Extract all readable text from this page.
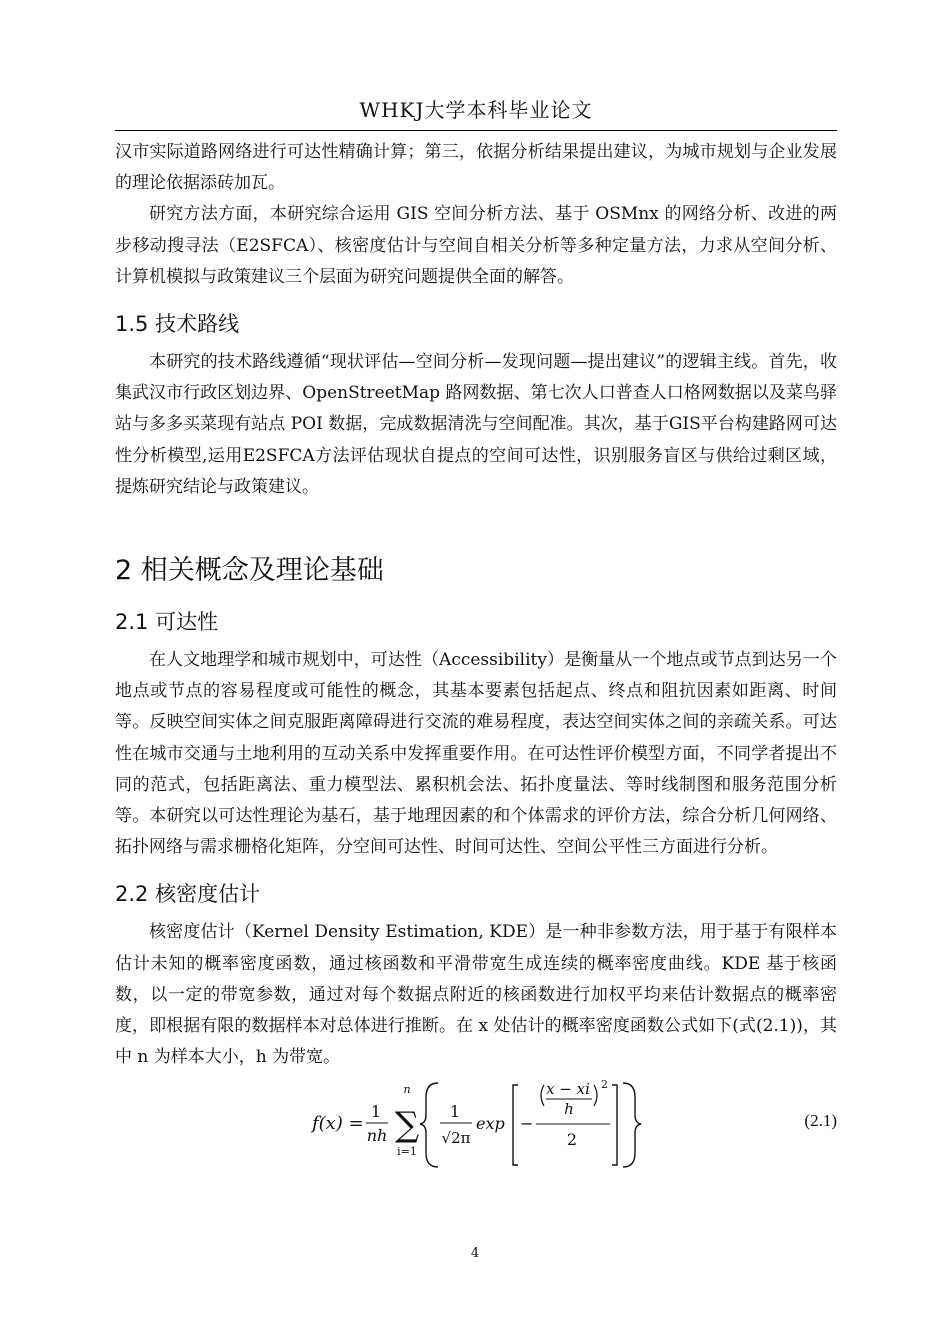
WHKJ大学本科毕业论文

汉市实际道路网络进行可达性精确计算；第三，依据分析结果提出建议，为城市规划与企业发展的理论依据添砖加瓦。

研究方法方面，本研究综合运用 GIS 空间分析方法、基于 OSMnx 的网络分析、改进的两步移动搜寻法（E2SFCA）、核密度估计与空间自相关分析等多种定量方法，力求从空间分析、计算机模拟与政策建议三个层面为研究问题提供全面的解答。

1.5 技术路线

本研究的技术路线遵循“现状评估—空间分析—发现问题—提出建议”的逻辑主线。首先，收集武汉市行政区划边界、OpenStreetMap 路网数据、第七次人口普查人口格网数据以及菜鸟驿站与多多买菜现有站点 POI 数据，完成数据清洗与空间配准。其次，基于GIS平台构建路网可达性分析模型,运用E2SFCA方法评估现状自提点的空间可达性，识别服务盲区与供给过剩区域，提炼研究结论与政策建议。

2 相关概念及理论基础
2.1 可达性

在人文地理学和城市规划中，可达性（Accessibility）是衡量从一个地点或节点到达另一个地点或节点的容易程度或可能性的概念，其基本要素包括起点、终点和阻抗因素如距离、时间等。反映空间实体之间克服距离障碍进行交流的难易程度，表达空间实体之间的亲疏关系。可达性在城市交通与土地利用的互动关系中发挥重要作用。在可达性评价模型方面，不同学者提出不同的范式，包括距离法、重力模型法、累积机会法、拓扑度量法、等时线制图和服务范围分析等。本研究以可达性理论为基石，基于地理因素的和个体需求的评价方法，综合分析几何网络、拓扑网络与需求栅格化矩阵，分空间可达性、时间可达性、空间公平性三方面进行分析。

2.2 核密度估计

核密度估计（Kernel Density Estimation, KDE）是一种非参数方法，用于基于有限样本估计未知的概率密度函数，通过核函数和平滑带宽生成连续的概率密度曲线。KDE 基于核函数，以一定的带宽参数，通过对每个数据点附近的核函数进行加权平均来估计数据点的概率密度，即根据有限的数据样本对总体进行推断。在 x 处估计的概率密度函数公式如下(式(2.1))，其中 n 为样本大小，h 为带宽。

f(x) =
1
nh
n
∑
i=1
1
√2π
exp −
x − xi
h
2
2
(2.1)
4
